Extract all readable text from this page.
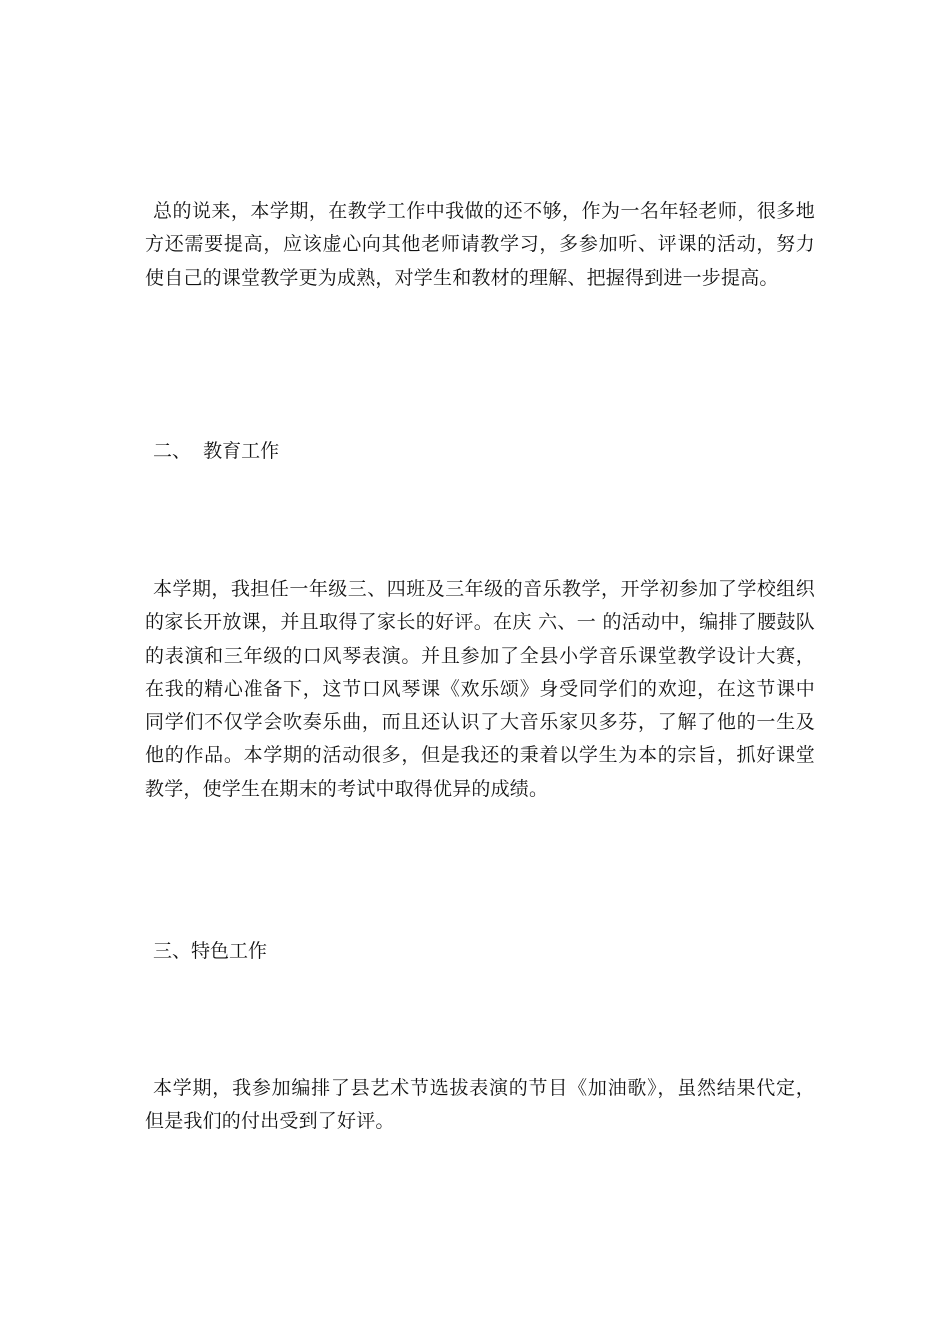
总的说来，本学期，在教学工作中我做的还不够，作为一名年轻老师，很多地方还需要提高，应该虚心向其他老师请教学习，多参加听、评课的活动，努力使自己的课堂教学更为成熟，对学生和教材的理解、把握得到进一步提高。

二、  教育工作

本学期，我担任一年级三、四班及三年级的音乐教学，开学初参加了学校组织的家长开放课，并且取得了家长的好评。在庆 六、一 的活动中，编排了腰鼓队的表演和三年级的口风琴表演。并且参加了全县小学音乐课堂教学设计大赛，在我的精心准备下，这节口风琴课《欢乐颂》身受同学们的欢迎，在这节课中同学们不仅学会吹奏乐曲，而且还认识了大音乐家贝多芬，了解了他的一生及他的作品。本学期的活动很多，但是我还的秉着以学生为本的宗旨，抓好课堂教学，使学生在期末的考试中取得优异的成绩。

三、特色工作

本学期，我参加编排了县艺术节选拔表演的节目《加油歌》，虽然结果代定，但是我们的付出受到了好评。
